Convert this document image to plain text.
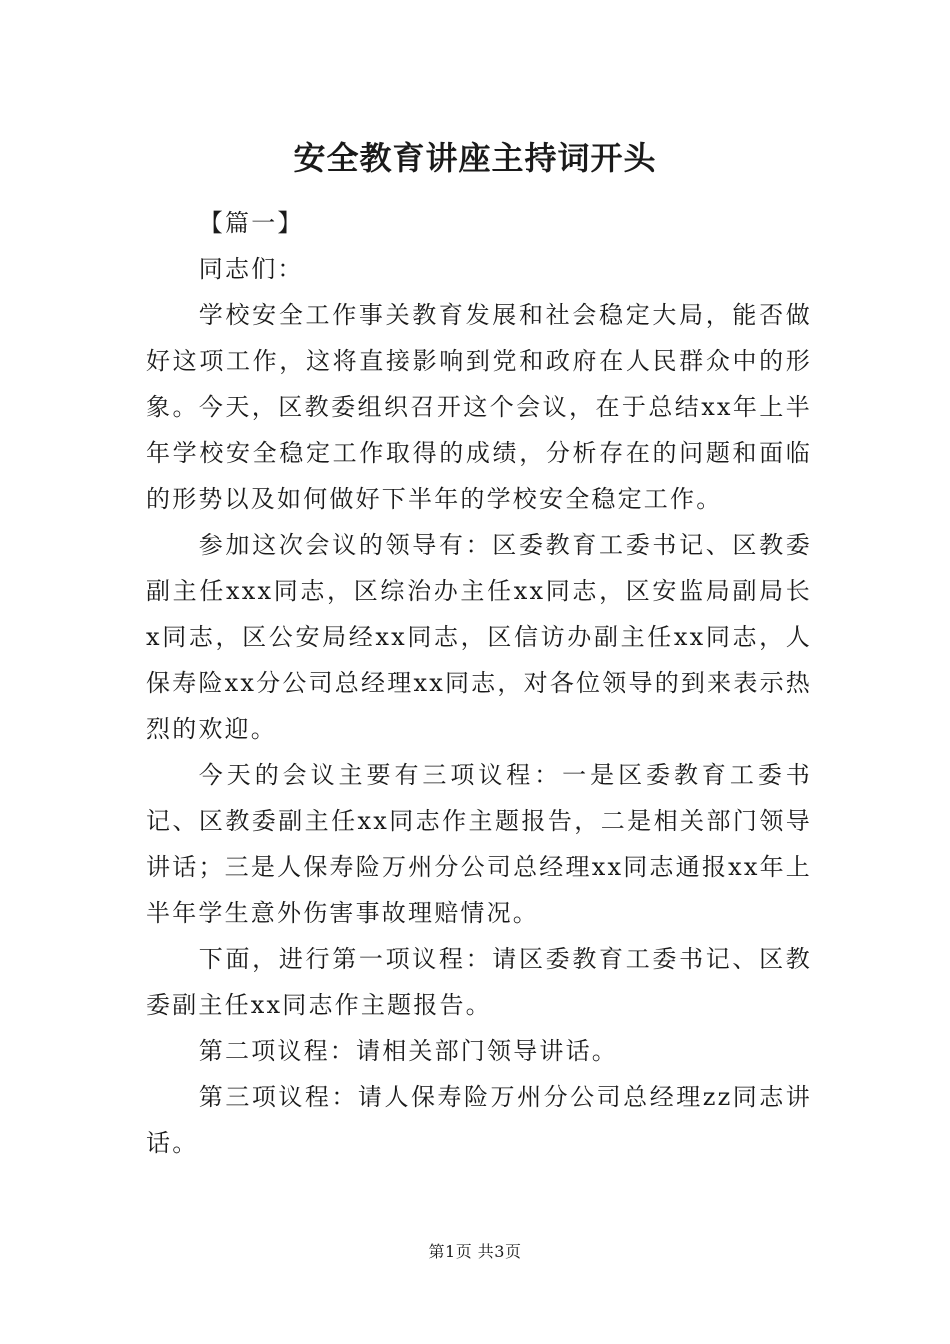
安全教育讲座主持词开头

【篇一】

同志们：

学校安全工作事关教育发展和社会稳定大局，能否做好这项工作，这将直接影响到党和政府在人民群众中的形象。今天，区教委组织召开这个会议，在于总结xx年上半年学校安全稳定工作取得的成绩，分析存在的问题和面临的形势以及如何做好下半年的学校安全稳定工作。

参加这次会议的领导有：区委教育工委书记、区教委副主任xxx同志，区综治办主任xx同志，区安监局副局长x同志，区公安局经xx同志，区信访办副主任xx同志，人保寿险xx分公司总经理xx同志，对各位领导的到来表示热烈的欢迎。

今天的会议主要有三项议程：一是区委教育工委书记、区教委副主任xx同志作主题报告，二是相关部门领导讲话；三是人保寿险万州分公司总经理xx同志通报xx年上半年学生意外伤害事故理赔情况。

下面，进行第一项议程：请区委教育工委书记、区教委副主任xx同志作主题报告。

第二项议程：请相关部门领导讲话。

第三项议程：请人保寿险万州分公司总经理zz同志讲话。

第1页 共3页
